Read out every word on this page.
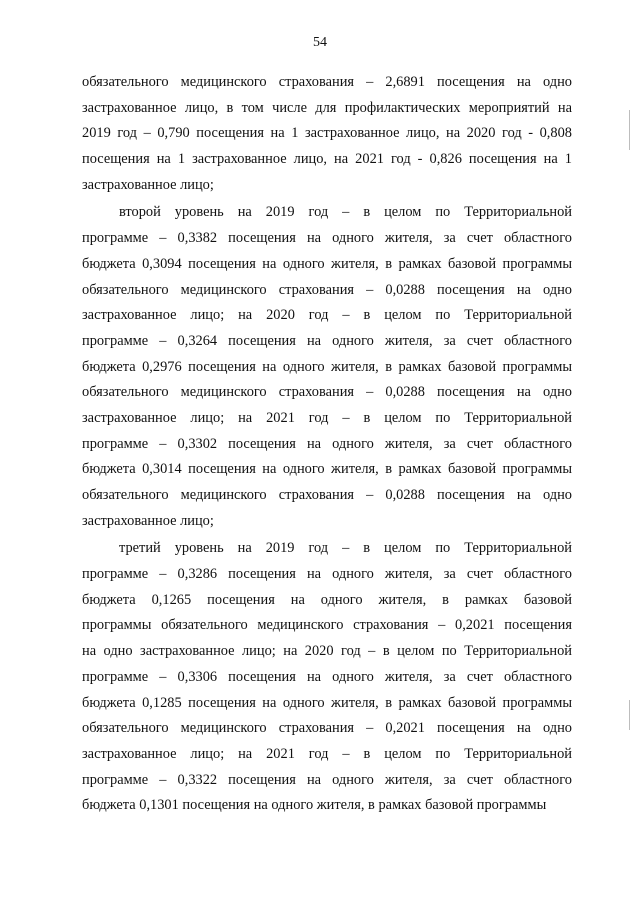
54
обязательного медицинского страхования – 2,6891 посещения на одно
застрахованное лицо, в том числе для профилактических мероприятий на
2019 год – 0,790 посещения на 1 застрахованное лицо, на 2020 год - 0,808
посещения на 1 застрахованное лицо, на 2021 год - 0,826 посещения на 1
застрахованное лицо;
второй уровень на 2019 год – в целом по Территориальной
программе – 0,3382 посещения на одного жителя, за счет областного
бюджета 0,3094 посещения на одного жителя, в рамках базовой программы
обязательного медицинского страхования – 0,0288 посещения на одно
застрахованное лицо; на 2020 год – в целом по Территориальной
программе – 0,3264 посещения на одного жителя, за счет областного
бюджета 0,2976 посещения на одного жителя, в рамках базовой программы
обязательного медицинского страхования – 0,0288 посещения на одно
застрахованное лицо; на 2021 год – в целом по Территориальной
программе – 0,3302 посещения на одного жителя, за счет областного
бюджета 0,3014 посещения на одного жителя, в рамках базовой программы
обязательного медицинского страхования – 0,0288 посещения на одно
застрахованное лицо;
третий уровень на 2019 год – в целом по Территориальной
программе – 0,3286 посещения на одного жителя, за счет областного
бюджета 0,1265 посещения на одного жителя, в рамках базовой
программы обязательного медицинского страхования – 0,2021 посещения
на одно застрахованное лицо; на 2020 год – в целом по Территориальной
программе – 0,3306 посещения на одного жителя, за счет областного
бюджета 0,1285 посещения на одного жителя, в рамках базовой программы
обязательного медицинского страхования – 0,2021 посещения на одно
застрахованное лицо; на 2021 год – в целом по Территориальной
программе – 0,3322 посещения на одного жителя, за счет областного
бюджета 0,1301 посещения на одного жителя, в рамках базовой программы
